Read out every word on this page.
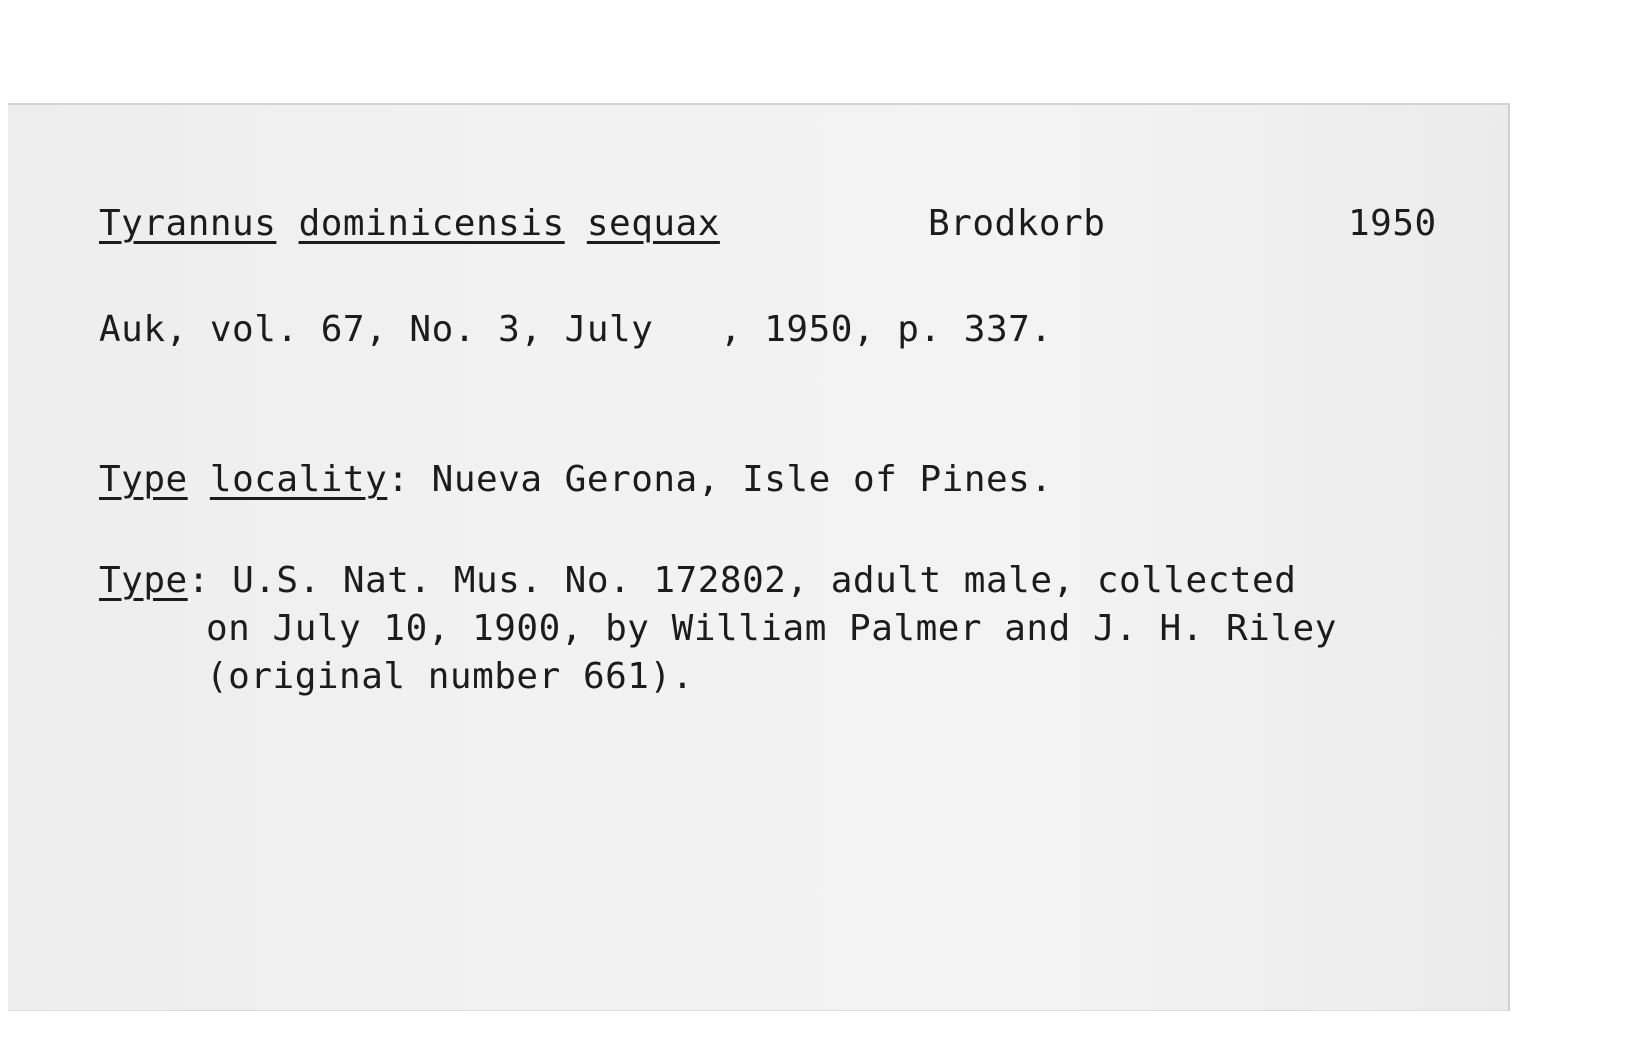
Tyrannus dominicensis sequax	Brodkorb	1950
Auk, vol. 67, No. 3, July   , 1950, p. 337.
Type locality: Nueva Gerona, Isle of Pines.
Type: U.S. Nat. Mus. No. 172802, adult male, collected
on July 10, 1900, by William Palmer and J. H. Riley
(original number 661).
